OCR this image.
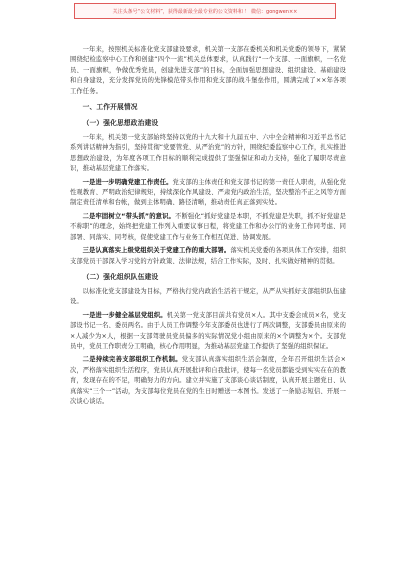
关注头条号“公文材料”，获得最新最全最专业的公文资料和 ！ 微信：gongwen××

一年来，按照机关标准化党支部建设要求，机关第一支部在委机关和机关党委的领导下，紧紧围绕纪检监察中心工作和创建“四个一流”机关总体要求，认真践行“一个支部、一面旗帜，一名党员、一面旗帜，争做优秀党员，创建先进支部”的目标，全面加强思想建设、组织建设、基础建设和自身建设，充分发挥党员的先锋模范带头作用和党支部的战斗堡垒作用，圆满完成了××年各项工作任务。

一、工作开展情况
（一）强化思想政治建设

一年来，机关第一党支部始终坚持以党的十九大和十九届五中、六中全会精神和习近平总书记系列讲话精神为指引，坚持贯彻“党要管党、从严治党”的方针，围绕纪委监察中心工作，扎实推进思想政治建设，为年度各项工作目标的顺利完成提供了坚强保证和动力支持，强化了履职尽责意识，推动基层党建工作落实。

一是进一步明确党建工作责任。党支部的主体责任和党支部书记的第一责任人职责，从强化党性观教育、严明政治纪律规矩，持续深化作风建设、严肃党内政治生活，坚决整治不正之风等方面制定责任清单和台帐，做到主体明确、路径清晰，推动责任真正落到实处。

二是牢固树立“带头抓”的意识。不断强化“抓好党建是本职，不抓党建是失职，抓不好党建是不称职”的理念，始终把党建工作列入重要议事日程，将党建工作和办公厅的业务工作同考虑、同部署、同落实、同考核，促使党建工作与业务工作相互促进、协调发展。

三是认真落实上级党组织关于党建工作的重大部署。落实机关党委的各项具体工作安排，组织支部党员干部深入学习党的方针政策、法律法规，结合工作实际，及时、扎实做好精神的贯彻。

（二）强化组织队伍建设

以标准化党支部建设为目标，严格执行党内政治生活若干规定，从严从实抓好支部组织队伍建设。

一是进一步健全基层党组织。机关第一党支部目前共有党员×人。其中支委会成员×名，党支部设书记一名、委员两名。由于人员工作调整今年支部委员也进行了两次调整，支部委员由原来的×人减少为×人，根据一支部驾驶员党员偏多的实际情况党小组由原来的×个调整为×个。支部党员中，党员工作职责分工明确，核心作用明显，为推动基层党建工作提供了坚强的组织保证。

二是持续完善支部组织工作机制。党支部认真落实组织生活会制度，全年召开组织生活会×次，严格落实组织生活程序，党员认真开展批评和自我批评，使每一名党员都能受到实实在在的教育，发现存在的不足，明确努力的方向。建立并实施了支部谈心谈话制度，认真开展主题党日、认真落实“三个一”活动，为支部每位党员在党的生日时赠送一本图书。发送了一条励志短信、开展一次谈心谈话。
